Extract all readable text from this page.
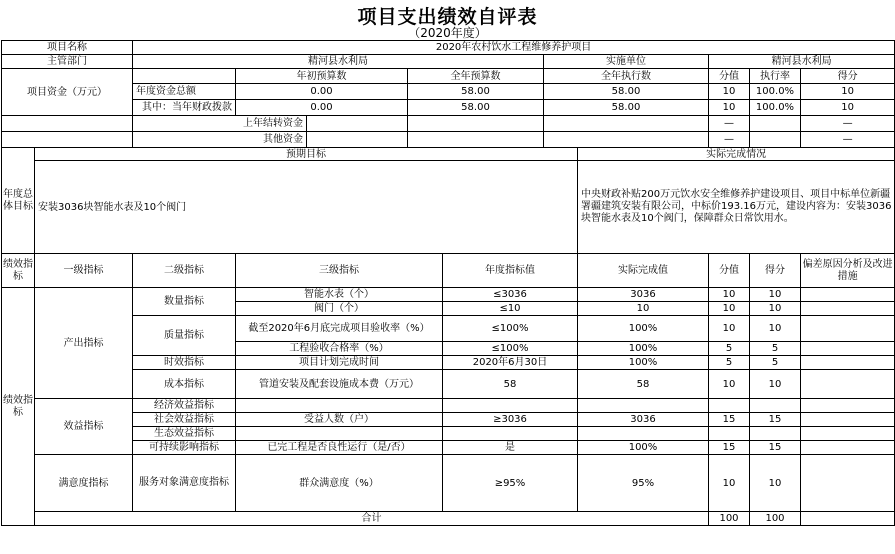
项目支出绩效自评表
（2020年度）
项目名称		2020年农村饮水工程维修养护项目									
主管部门		精河县水利局					实施单位		精河县水利局		
项目资金（万元）			年初预算数		全年预算数		全年执行数		分值	执行率	得分
		年度资金总额	0.00		58.00		58.00		10	100.0%	10
		其中：当年财政拨款	0.00		58.00		58.00		10	100.0%	10
		上年结转资金							—		—
		其他资金							—		—
年度总体目标	预期目标							实际完成情况			
	安装3036块智能水表及10个阀门							中央财政补贴200万元饮水安全维修养护建设项目、项目中标单位新疆署疆建筑安装有限公司，中标价193.16万元，建设内容为：安装3036块智能水表及10个阀门，保障群众日常饮用水。			
绩效指标	一级指标	二级指标	三级指标			年度指标值		实际完成值	分值	得分	偏差原因分析及改进措施
绩效指标	产出指标	数量指标	智能水表（个）			≤3036		3036	10	10	
			阀门（个）			≤10		10	10	10	
		质量指标	截至2020年6月底完成项目验收率（%）			≤100%		100%	10	10	
			工程验收合格率（%）			≤100%		100%	5	5	
		时效指标	项目计划完成时间			2020年6月30日		100%	5	5	
		成本指标	管道安装及配套设施成本费（万元）			58		58	10	10	
	效益指标	经济效益指标									
		社会效益指标	受益人数（户）			≥3036		3036	15	15	
		生态效益指标									
		可持续影响指标	已完工程是否良性运行（是/否）			是		100%	15	15	
	满意度指标	服务对象满意度指标	群众满意度（%）			≥95%		95%	10	10	
	合计								100	100	
